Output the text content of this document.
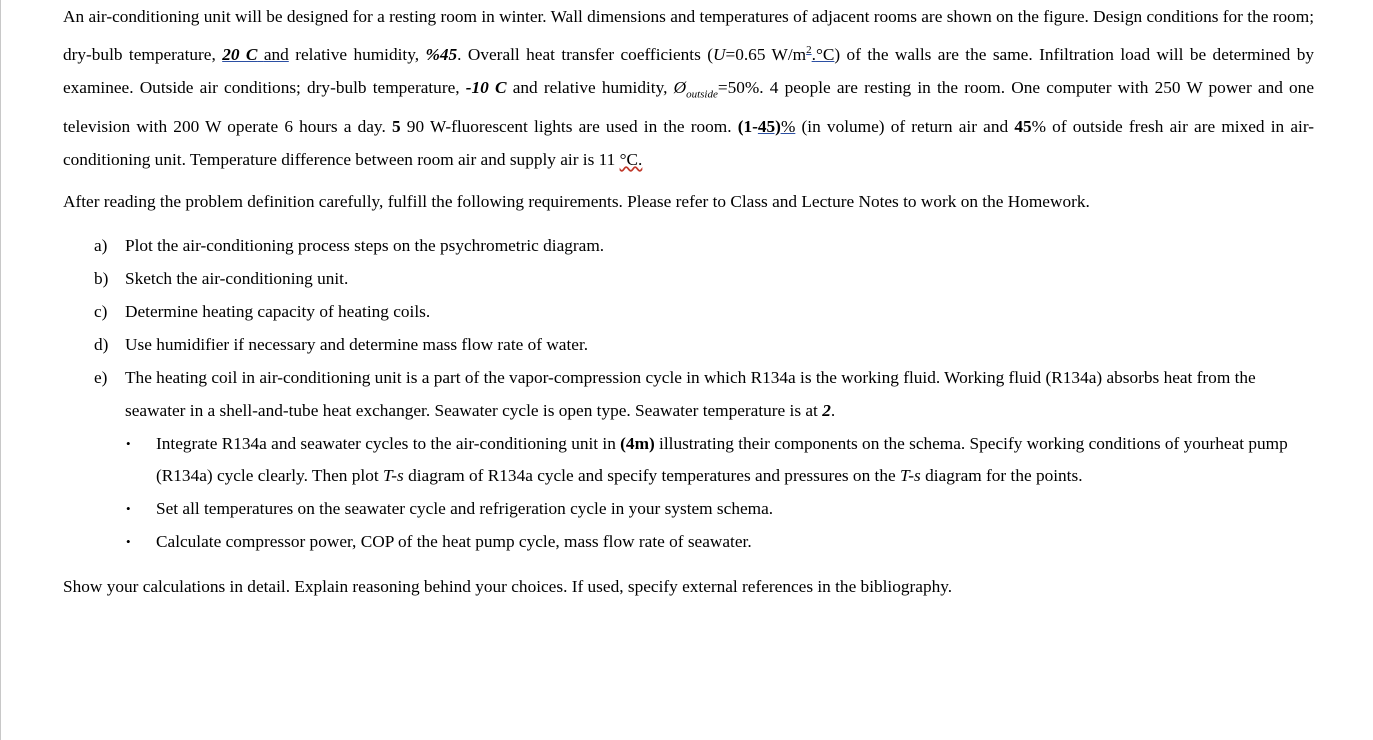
An air-conditioning unit will be designed for a resting room in winter. Wall dimensions and temperatures of adjacent rooms are shown on the figure. Design conditions for the room; dry-bulb temperature, 20 C and relative humidity, %45. Overall heat transfer coefficients (U=0.65 $W/m^2.^\circ C$) of the walls are the same. Infiltration load will be determined by examinee. Outside air conditions; dry-bulb temperature, -10 C and relative humidity, $Ø_{outside}=50\%$. 4 people are resting in the room. One computer with 250 W power and one television with 200 W operate 6 hours a day. 5 90 W-fluorescent lights are used in the room. (1-45)% (in volume) of return air and 45% of outside fresh air are mixed in air-conditioning unit. Temperature difference between room air and supply air is 11 °C.

After reading the problem definition carefully, fulfill the following requirements. Please refer to Class and Lecture Notes to work on the Homework.

a) Plot the air-conditioning process steps on the psychrometric diagram.
b) Sketch the air-conditioning unit.
c) Determine heating capacity of heating coils.
d) Use humidifier if necessary and determine mass flow rate of water.
e) The heating coil in air-conditioning unit is a part of the vapor-compression cycle in which R134a is the working fluid. Working fluid (R134a) absorbs heat from the seawater in a shell-and-tube heat exchanger. Seawater cycle is open type. Seawater temperature is at 2.
• Integrate R134a and seawater cycles to the air-conditioning unit in (4m) illustrating their components on the schema. Specify working conditions of yourheat pump (R134a) cycle clearly. Then plot T-s diagram of R134a cycle and specify temperatures and pressures on the T-s diagram for the points.
• Set all temperatures on the seawater cycle and refrigeration cycle in your system schema.
• Calculate compressor power, COP of the heat pump cycle, mass flow rate of seawater.

Show your calculations in detail. Explain reasoning behind your choices. If used, specify external references in the bibliography.
